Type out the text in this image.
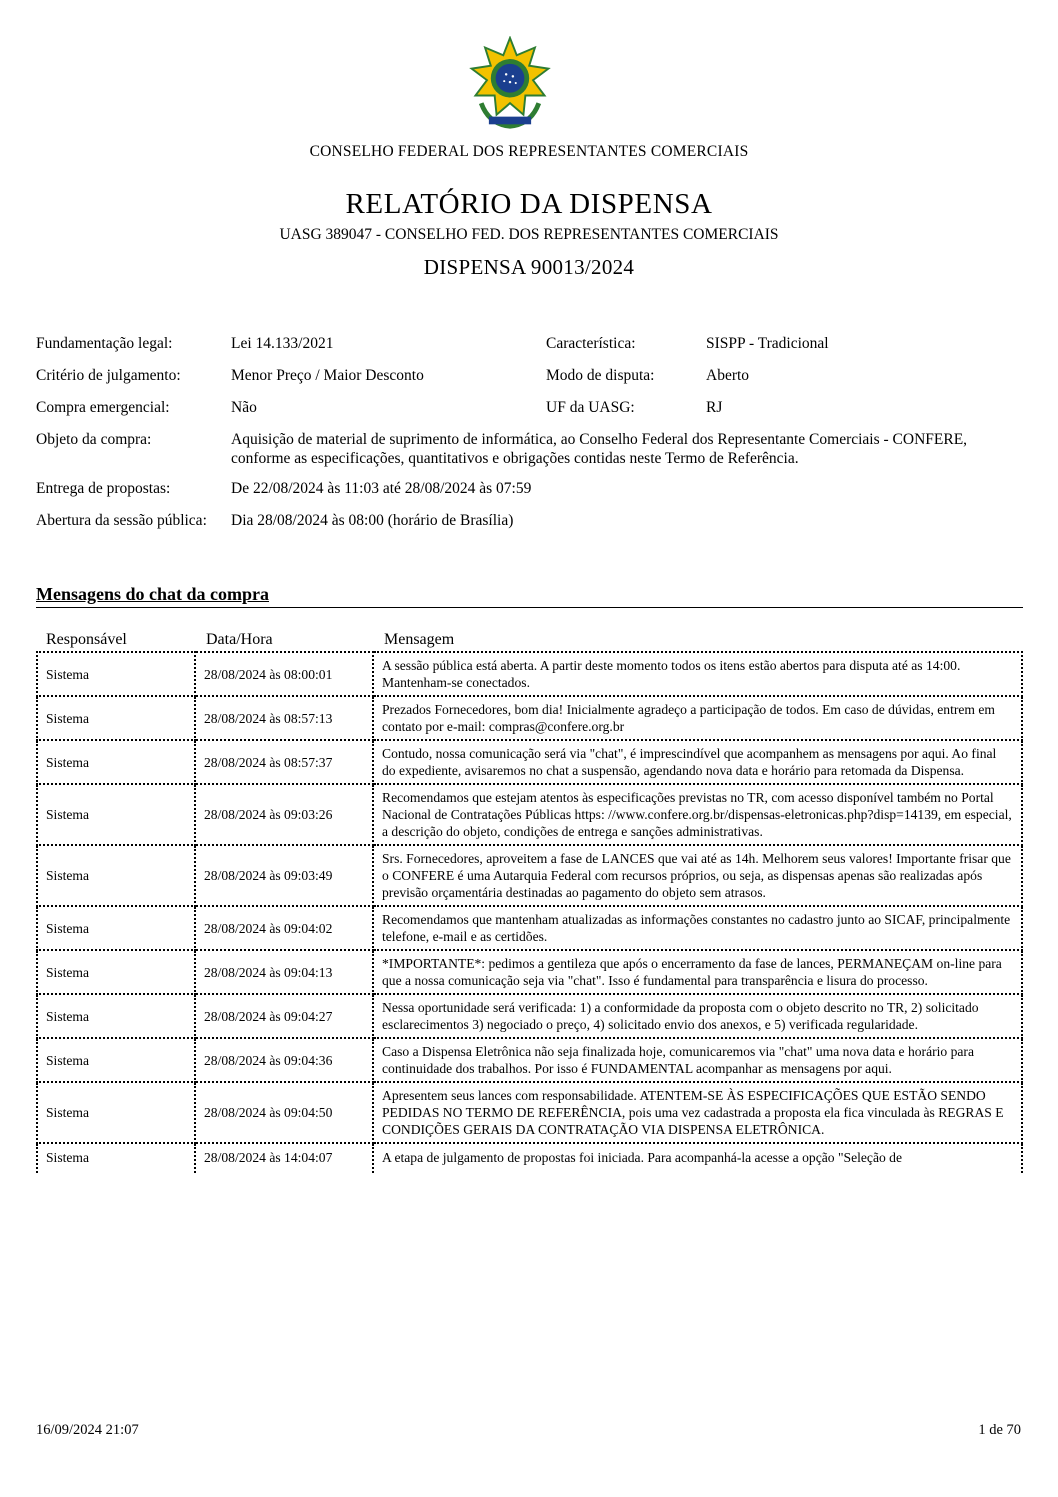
CONSELHO FEDERAL DOS REPRESENTANTES COMERCIAIS
RELATÓRIO DA DISPENSA
UASG 389047 - CONSELHO FED. DOS REPRESENTANTES COMERCIAIS
DISPENSA 90013/2024
Fundamentação legal:	Lei 14.133/2021	Característica:	SISPP - Tradicional
Critério de julgamento:	Menor Preço / Maior Desconto	Modo de disputa:	Aberto
Compra emergencial:	Não	UF da UASG:	RJ
Objeto da compra:	Aquisição de material de suprimento de informática, ao Conselho Federal dos Representante Comerciais - CONFERE, conforme as especificações, quantitativos e obrigações contidas neste Termo de Referência.
Entrega de propostas:	De 22/08/2024 às 11:03 até 28/08/2024 às 07:59
Abertura da sessão pública: Dia 28/08/2024 às 08:00 (horário de Brasília)
Mensagens do chat da compra
Responsável	Data/Hora	Mensagem
Sistema	28/08/2024 às 08:00:01	A sessão pública está aberta. A partir deste momento todos os itens estão abertos para disputa até as 14:00. Mantenham-se conectados.
Sistema	28/08/2024 às 08:57:13	Prezados Fornecedores, bom dia! Inicialmente agradeço a participação de todos. Em caso de dúvidas, entrem em contato por e-mail: compras@confere.org.br
Sistema	28/08/2024 às 08:57:37	Contudo, nossa comunicação será via "chat", é imprescindível que acompanhem as mensagens por aqui. Ao final do expediente, avisaremos no chat a suspensão, agendando nova data e horário para retomada da Dispensa.
Sistema	28/08/2024 às 09:03:26	Recomendamos que estejam atentos às especificações previstas no TR, com acesso disponível também no Portal Nacional de Contratações Públicas https: //www.confere.org.br/dispensas-eletronicas.php?disp=14139, em especial, a descrição do objeto, condições de entrega e sanções administrativas.
Sistema	28/08/2024 às 09:03:49	Srs. Fornecedores, aproveitem a fase de LANCES que vai até as 14h. Melhorem seus valores! Importante frisar que o CONFERE é uma Autarquia Federal com recursos próprios, ou seja, as dispensas apenas são realizadas após previsão orçamentária destinadas ao pagamento do objeto sem atrasos.
Sistema	28/08/2024 às 09:04:02	Recomendamos que mantenham atualizadas as informações constantes no cadastro junto ao SICAF, principalmente telefone, e-mail e as certidões.
Sistema	28/08/2024 às 09:04:13	*IMPORTANTE*: pedimos a gentileza que após o encerramento da fase de lances, PERMANEÇAM on-line para que a nossa comunicação seja via "chat". Isso é fundamental para transparência e lisura do processo.
Sistema	28/08/2024 às 09:04:27	Nessa oportunidade será verificada: 1) a conformidade da proposta com o objeto descrito no TR, 2) solicitado esclarecimentos 3) negociado o preço, 4) solicitado envio dos anexos, e 5) verificada regularidade.
Sistema	28/08/2024 às 09:04:36	Caso a Dispensa Eletrônica não seja finalizada hoje, comunicaremos via "chat" uma nova data e horário para continuidade dos trabalhos. Por isso é FUNDAMENTAL acompanhar as mensagens por aqui.
Sistema	28/08/2024 às 09:04:50	Apresentem seus lances com responsabilidade. ATENTEM-SE ÀS ESPECIFICAÇÕES QUE ESTÃO SENDO PEDIDAS NO TERMO DE REFERÊNCIA, pois uma vez cadastrada a proposta ela fica vinculada às REGRAS E CONDIÇÕES GERAIS DA CONTRATAÇÃO VIA DISPENSA ELETRÔNICA.
Sistema	28/08/2024 às 14:04:07	A etapa de julgamento de propostas foi iniciada. Para acompanhá-la acesse a opção "Seleção de
16/09/2024 21:07	1 de 70
